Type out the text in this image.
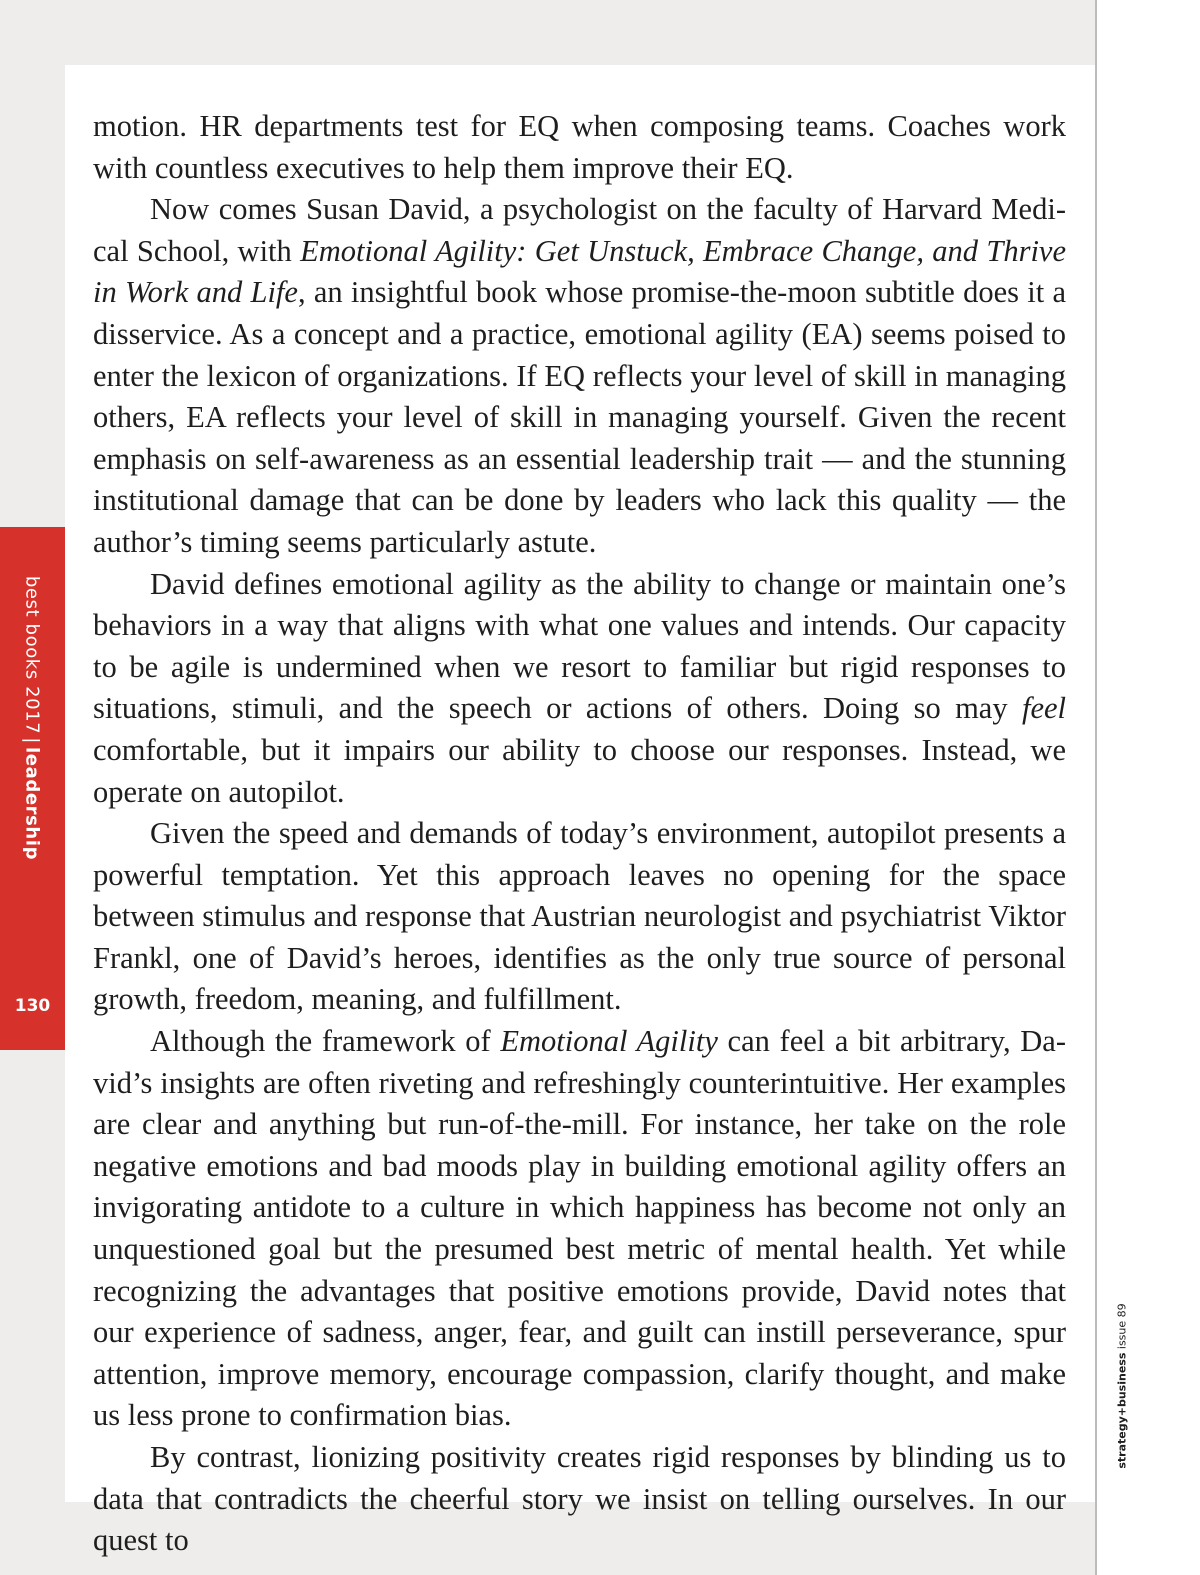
best books 2017|leadership
130

motion. HR departments test for EQ when composing teams. Coaches work with countless executives to help them improve their EQ.

Now comes Susan David, a psychologist on the faculty of Harvard Medical School, with Emotional Agility: Get Unstuck, Embrace Change, and Thrive in Work and Life, an insightful book whose promise-the-moon subtitle does it a disservice. As a concept and a practice, emotional agility (EA) seems poised to enter the lexicon of organizations. If EQ reflects your level of skill in managing others, EA reflects your level of skill in managing yourself. Given the recent emphasis on self-awareness as an essential leadership trait — and the stunning institutional damage that can be done by leaders who lack this quality — the author’s timing seems particularly astute.

David defines emotional agility as the ability to change or maintain one’s behaviors in a way that aligns with what one values and intends. Our capacity to be agile is undermined when we resort to familiar but rigid responses to situations, stimuli, and the speech or actions of others. Doing so may feel comfortable, but it impairs our ability to choose our responses. Instead, we operate on autopilot.

Given the speed and demands of today’s environment, autopilot presents a powerful temptation. Yet this approach leaves no opening for the space between stimulus and response that Austrian neurologist and psychiatrist Viktor Frankl, one of David’s heroes, identifies as the only true source of personal growth, freedom, meaning, and fulfillment.

Although the framework of Emotional Agility can feel a bit arbitrary, David’s insights are often riveting and refreshingly counterintuitive. Her examples are clear and anything but run-of-the-mill. For instance, her take on the role negative emotions and bad moods play in building emotional agility offers an invigorating antidote to a culture in which happiness has become not only an unquestioned goal but the presumed best metric of mental health. Yet while recognizing the advantages that positive emotions provide, David notes that our experience of sadness, anger, fear, and guilt can instill perseverance, spur attention, improve memory, encourage compassion, clarify thought, and make us less prone to confirmation bias.

By contrast, lionizing positivity creates rigid responses by blinding us to data that contradicts the cheerful story we insist on telling ourselves. In our quest to

strategy+business issue 89
